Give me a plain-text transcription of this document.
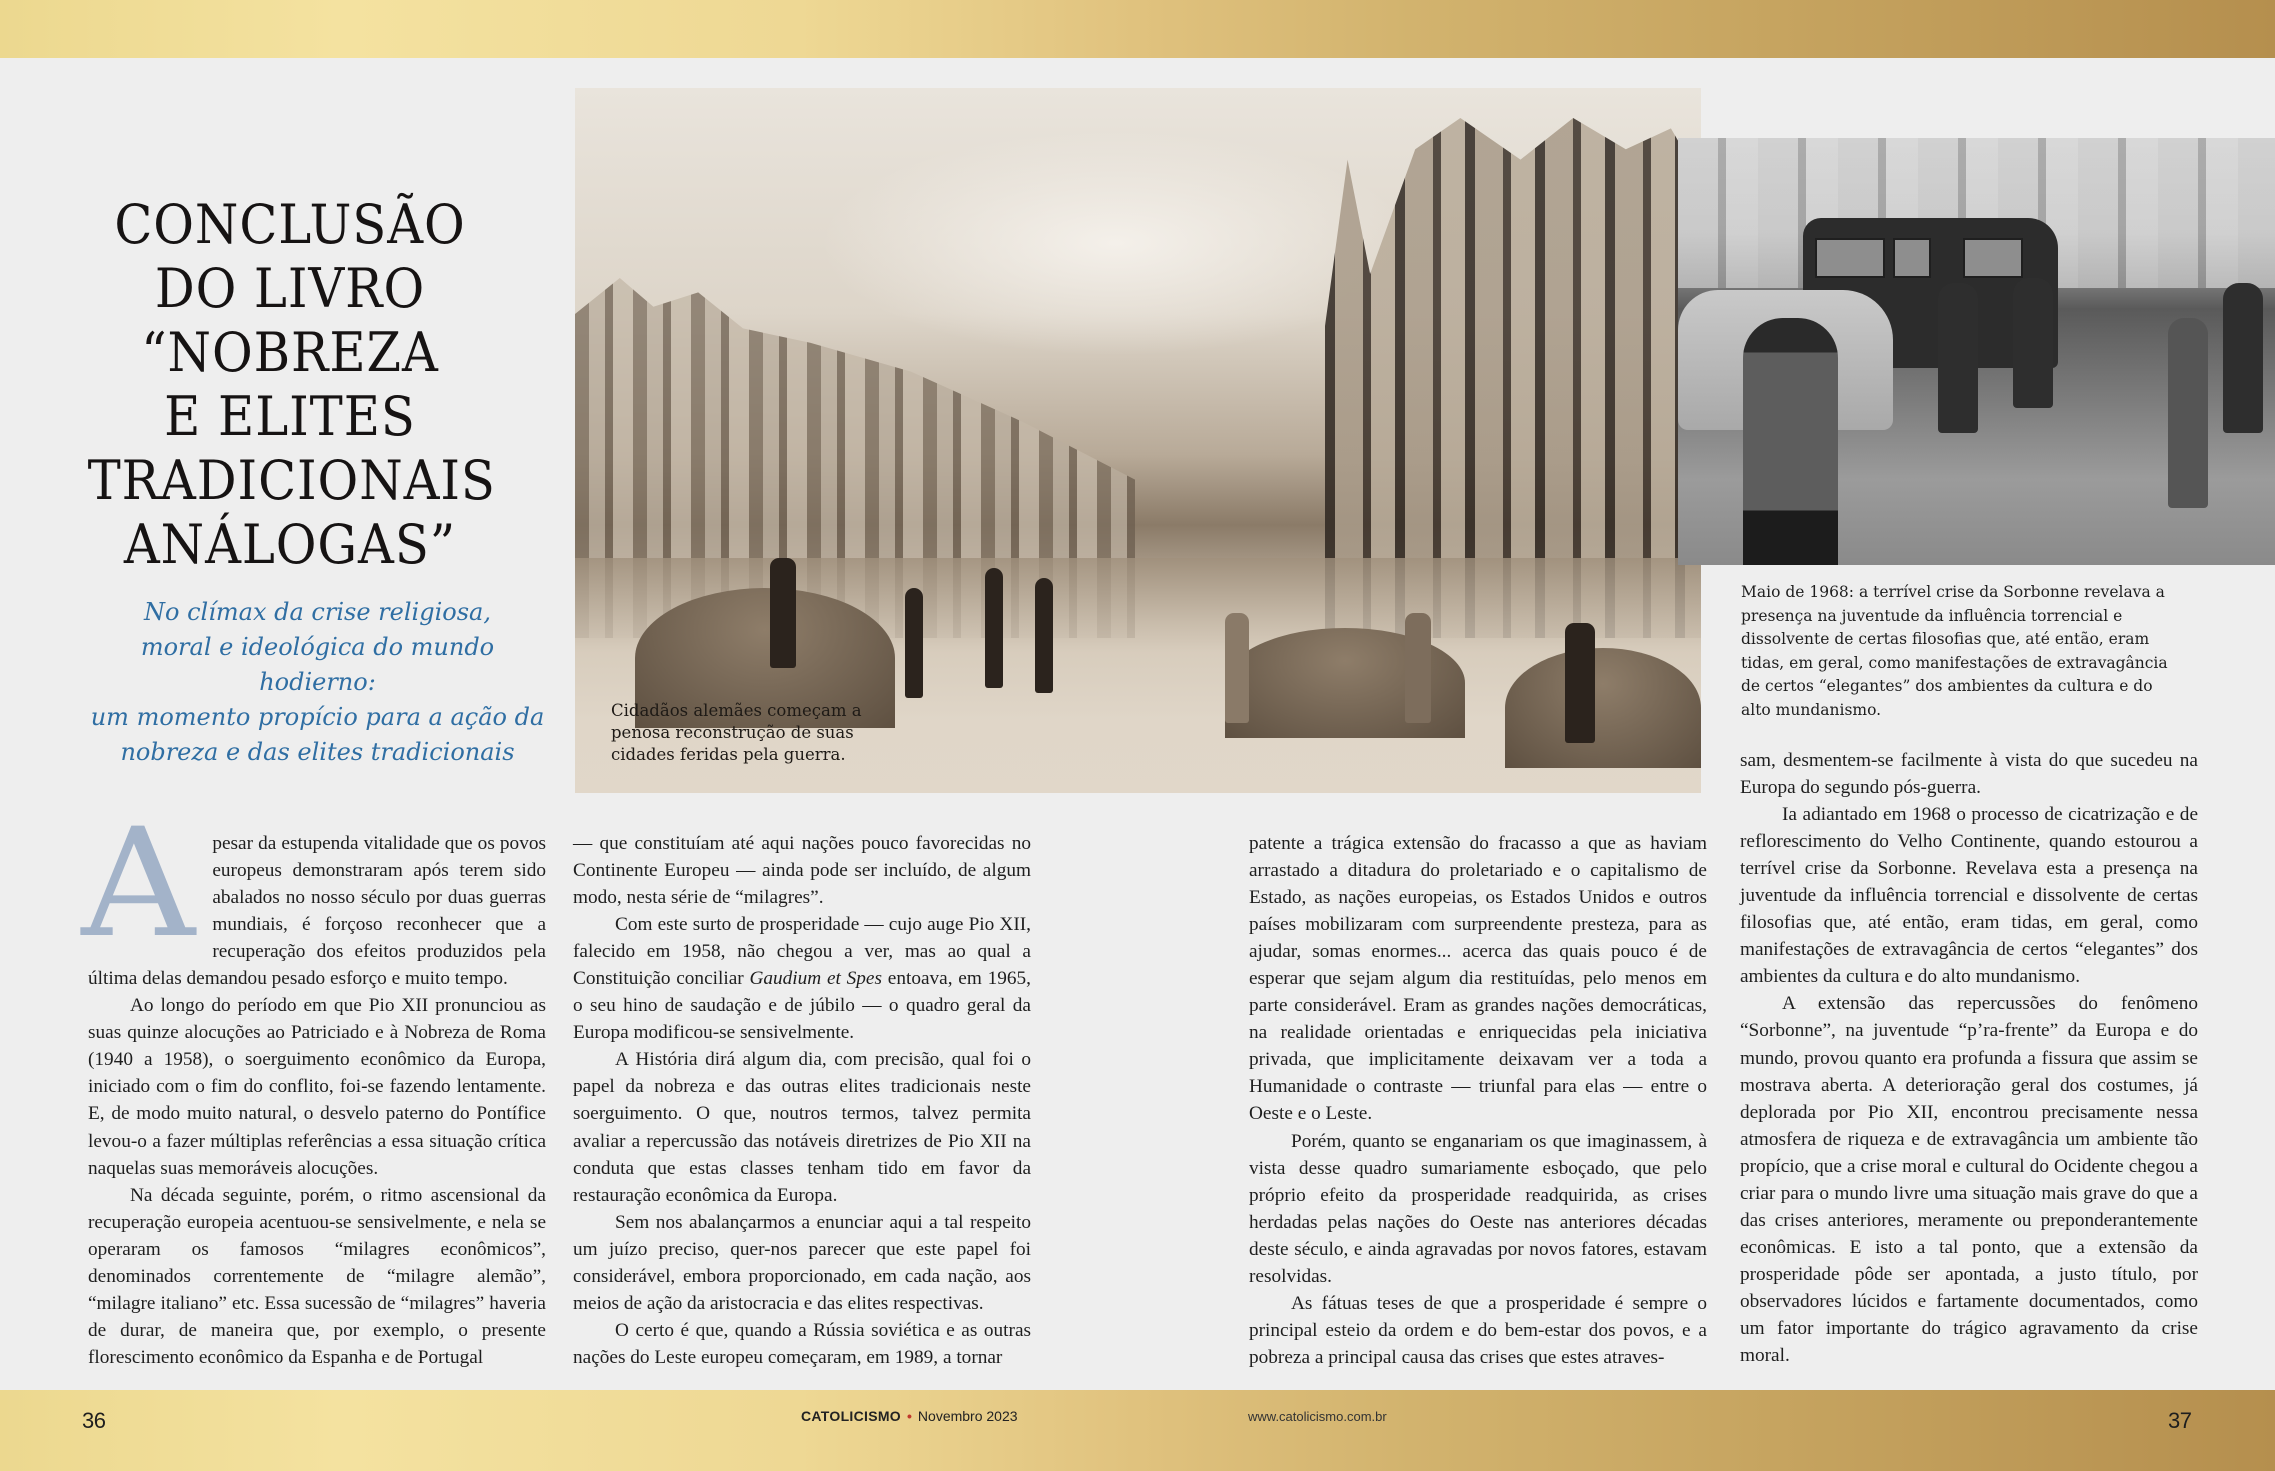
CONCLUSÃO
DO LIVRO
“NOBREZA
E ELITES
TRADICIONAIS
ANÁLOGAS”
No clímax da crise religiosa,
moral e ideológica do mundo hodierno:
um momento propício para a ação da
nobreza e das elites tradicionais

Cidadãos alemães começam a penosa reconstrução de suas cidades feridas pela guerra.

Maio de 1968: a terrível crise da Sorbonne revelava a presença na juventude da influência torrencial e dissolvente de certas filosofias que, até então, eram tidas, em geral, como manifestações de extravagância de certos “elegantes” dos ambientes da cultura e do alto mundanismo.

A pesar da estupenda vitalidade que os povos europeus demonstraram após terem sido abalados no nosso século por duas guerras mundiais, é forçoso reconhecer que a recuperação dos efeitos produzidos pela última delas demandou pesado esforço e muito tempo.

Ao longo do período em que Pio XII pronunciou as suas quinze alocuções ao Patriciado e à Nobreza de Roma (1940 a 1958), o soerguimento econômico da Europa, iniciado com o fim do conflito, foi-se fazendo lentamente. E, de modo muito natural, o desvelo paterno do Pontífice levou-o a fazer múltiplas referências a essa situação crítica naquelas suas memoráveis alocuções.

Na década seguinte, porém, o ritmo ascensional da recuperação europeia acentuou-se sensivelmente, e nela se operaram os famosos “milagres econômicos”, denominados correntemente de “milagre alemão”, “milagre italiano” etc. Essa sucessão de “milagres” haveria de durar, de maneira que, por exemplo, o presente florescimento econômico da Espanha e de Portugal

— que constituíam até aqui nações pouco favorecidas no Continente Europeu — ainda pode ser incluído, de algum modo, nesta série de “milagres”.

Com este surto de prosperidade — cujo auge Pio XII, falecido em 1958, não chegou a ver, mas ao qual a Constituição conciliar Gaudium et Spes entoava, em 1965, o seu hino de saudação e de júbilo — o quadro geral da Europa modificou-se sensivelmente.

A História dirá algum dia, com precisão, qual foi o papel da nobreza e das outras elites tradicionais neste soerguimento. O que, noutros termos, talvez permita avaliar a repercussão das notáveis diretrizes de Pio XII na conduta que estas classes tenham tido em favor da restauração econômica da Europa.

Sem nos abalançarmos a enunciar aqui a tal respeito um juízo preciso, quer-nos parecer que este papel foi considerável, embora proporcionado, em cada nação, aos meios de ação da aristocracia e das elites respectivas.

O certo é que, quando a Rússia soviética e as outras nações do Leste europeu começaram, em 1989, a tornar

patente a trágica extensão do fracasso a que as haviam arrastado a ditadura do proletariado e o capitalismo de Estado, as nações europeias, os Estados Unidos e outros países mobilizaram com surpreendente presteza, para as ajudar, somas enormes... acerca das quais pouco é de esperar que sejam algum dia restituídas, pelo menos em parte considerável. Eram as grandes nações democráticas, na realidade orientadas e enriquecidas pela iniciativa privada, que implicitamente deixavam ver a toda a Humanidade o contraste — triunfal para elas — entre o Oeste e o Leste.

Porém, quanto se enganariam os que imaginassem, à vista desse quadro sumariamente esboçado, que pelo próprio efeito da prosperidade readquirida, as crises herdadas pelas nações do Oeste nas anteriores décadas deste século, e ainda agravadas por novos fatores, estavam resolvidas.

As fátuas teses de que a prosperidade é sempre o principal esteio da ordem e do bem-estar dos povos, e a pobreza a principal causa das crises que estes atraves-

sam, desmentem-se facilmente à vista do que sucedeu na Europa do segundo pós-guerra.

Ia adiantado em 1968 o processo de cicatrização e de reflorescimento do Velho Continente, quando estourou a terrível crise da Sorbonne. Revelava esta a presença na juventude da influência torrencial e dissolvente de certas filosofias que, até então, eram tidas, em geral, como manifestações de extravagância de certos “elegantes” dos ambientes da cultura e do alto mundanismo.

A extensão das repercussões do fenômeno “Sorbonne”, na juventude “p’ra-frente” da Europa e do mundo, provou quanto era profunda a fissura que assim se mostrava aberta. A deterioração geral dos costumes, já deplorada por Pio XII, encontrou precisamente nessa atmosfera de riqueza e de extravagância um ambiente tão propício, que a crise moral e cultural do Ocidente chegou a criar para o mundo livre uma situação mais grave do que a das crises anteriores, meramente ou preponderantemente econômicas. E isto a tal ponto, que a extensão da prosperidade pôde ser apontada, a justo título, por observadores lúcidos e fartamente documentados, como um fator importante do trágico agravamento da crise moral.

36	CATOLICISMO • Novembro 2023	www.catolicismo.com.br	37
